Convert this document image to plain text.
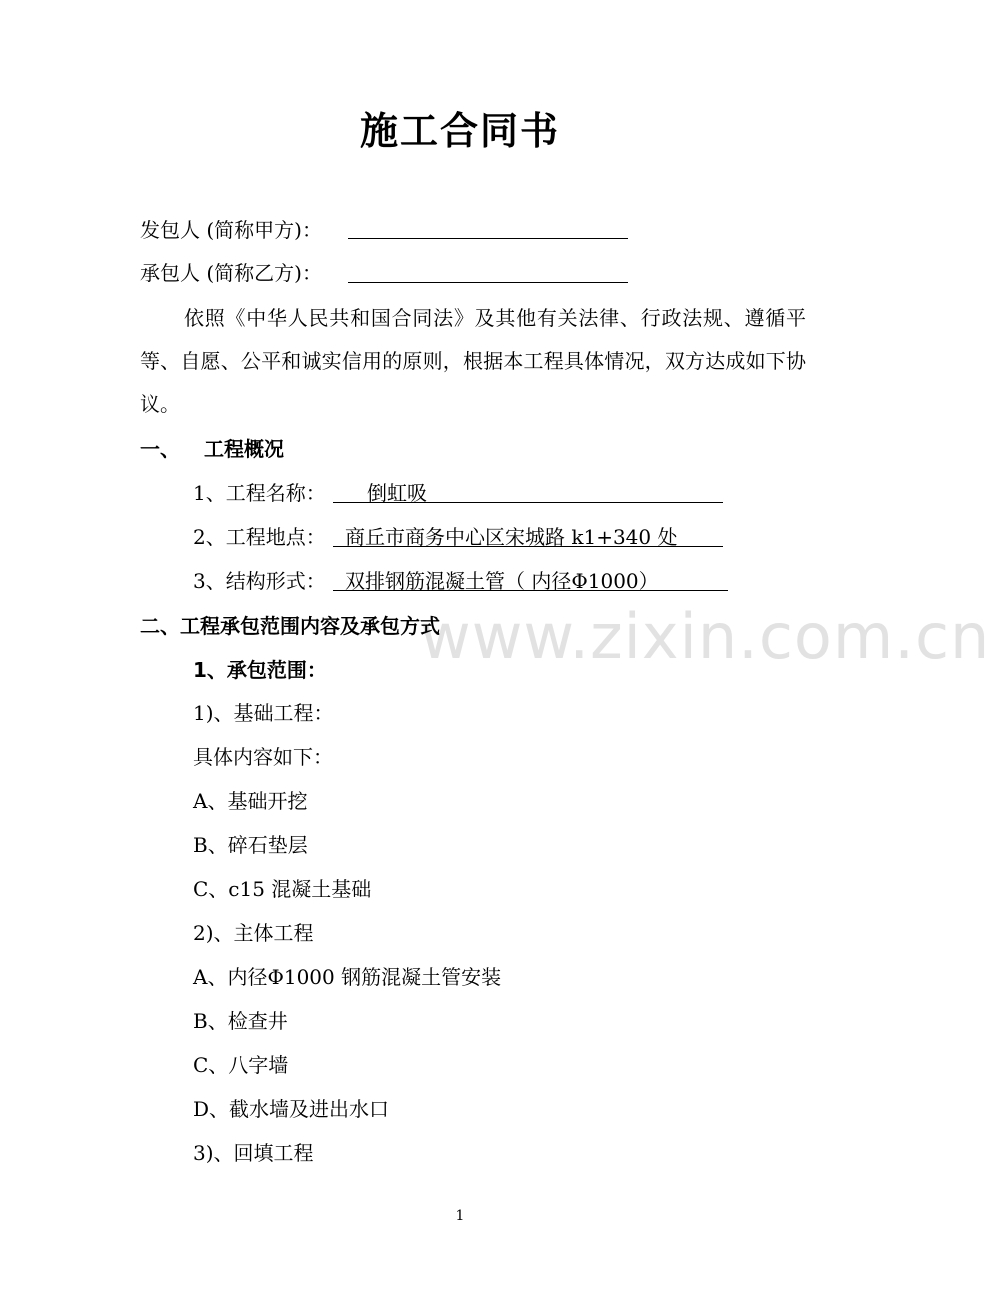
www.zixin.com.cn
施工合同书
发包人 (简称甲方)：
承包人 (简称乙方)：
依照《中华人民共和国合同法》及其他有关法律、行政法规、遵循平等、自愿、公平和诚实信用的原则，根据本工程具体情况，双方达成如下协议。
一、 工程概况
1、工程名称： 倒虹吸
2、工程地点： 商丘市商务中心区宋城路 k1+340 处
3、结构形式： 双排钢筋混凝土管（ 内径Φ1000）
二、工程承包范围内容及承包方式
1、承包范围：
1)、基础工程：
具体内容如下：
A、基础开挖
B、碎石垫层
C、c15 混凝土基础
2)、主体工程
A、内径Φ1000 钢筋混凝土管安装
B、检查井
C、八字墙
D、截水墙及进出水口
3)、回填工程
1
